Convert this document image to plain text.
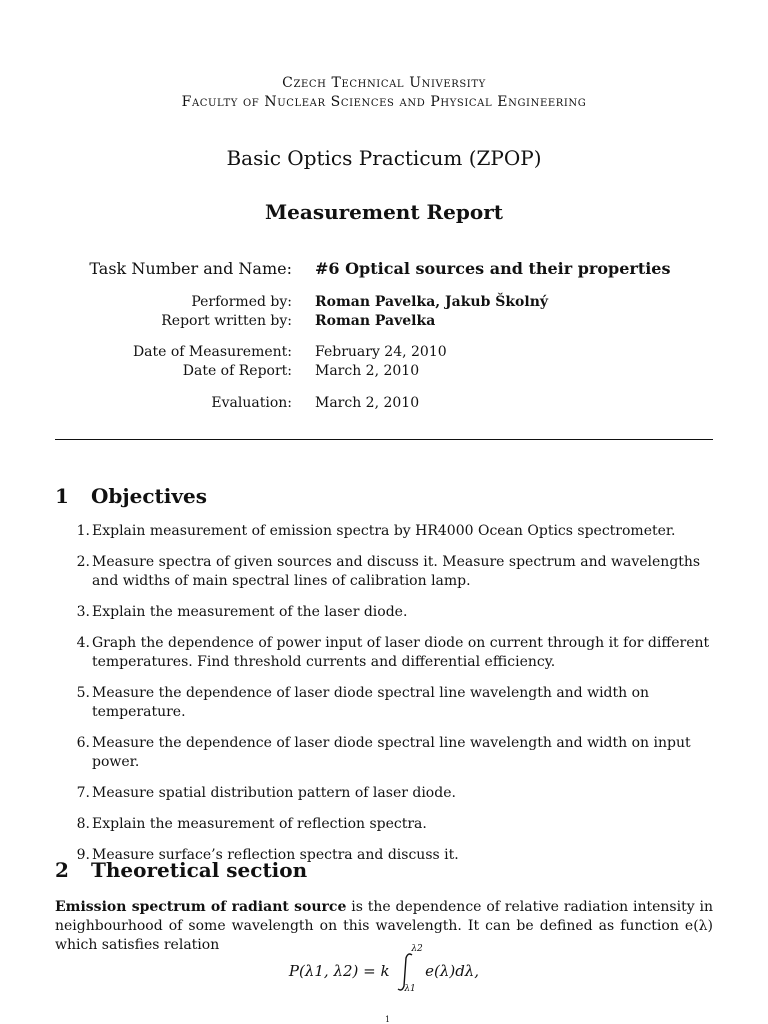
Czech Technical University
Faculty of Nuclear Sciences and Physical Engineering
Basic Optics Practicum (ZPOP)
Measurement Report
Task Number and Name: #6 Optical sources and their properties
Performed by: Roman Pavelka, Jakub Školný
Report written by: Roman Pavelka
Date of Measurement: February 24, 2010
Date of Report: March 2, 2010
Evaluation: March 2, 2010
1 Objectives
1. Explain measurement of emission spectra by HR4000 Ocean Optics spectrometer.
2. Measure spectra of given sources and discuss it. Measure spectrum and wavelengths and widths of main spectral lines of calibration lamp.
3. Explain the measurement of the laser diode.
4. Graph the dependence of power input of laser diode on current through it for different temperatures. Find threshold currents and differential efficiency.
5. Measure the dependence of laser diode spectral line wavelength and width on temperature.
6. Measure the dependence of laser diode spectral line wavelength and width on input power.
7. Measure spatial distribution pattern of laser diode.
8. Explain the measurement of reflection spectra.
9. Measure surface’s reflection spectra and discuss it.
2 Theoretical section
Emission spectrum of radiant source is the dependence of relative radiation intensity in neighbourhood of some wavelength on this wavelength. It can be defined as function e(λ) which satisfies relation
P(λ1, λ2) = k
λ2
λ1
e(λ)dλ,
1
